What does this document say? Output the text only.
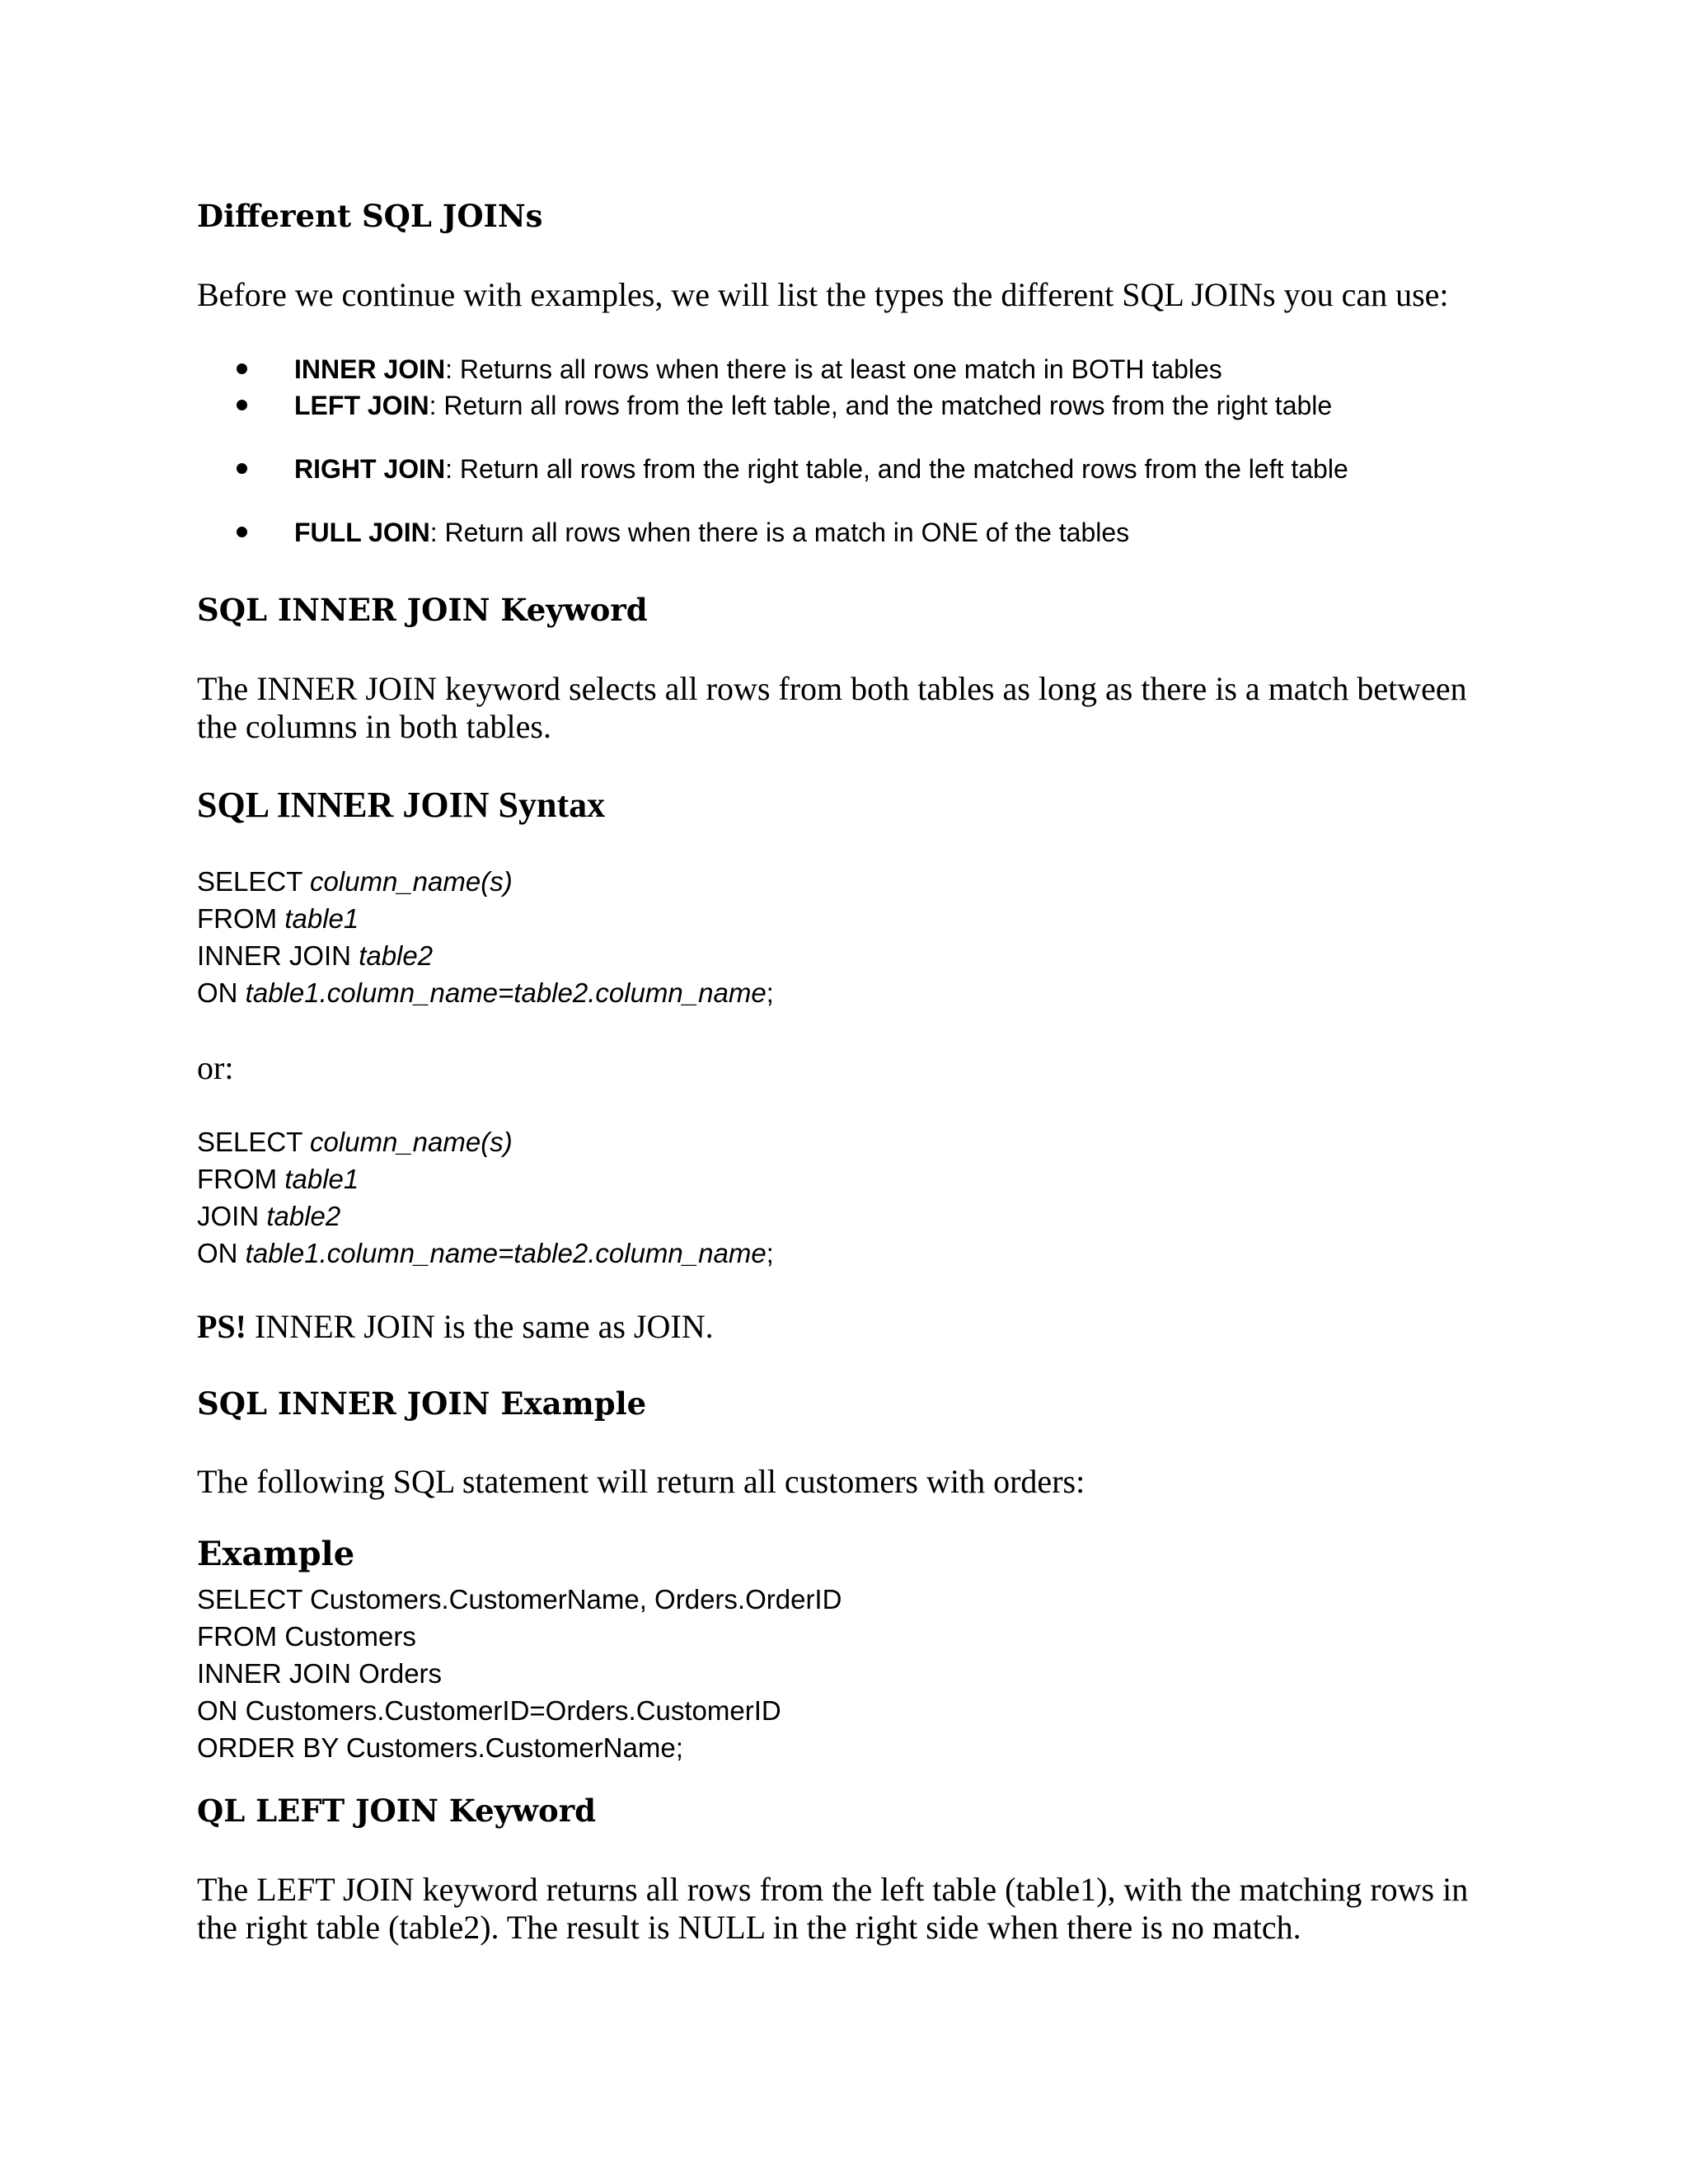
Different SQL JOINs

Before we continue with examples, we will list the types the different SQL JOINs you can use:

INNER JOIN: Returns all rows when there is at least one match in BOTH tables
LEFT JOIN: Return all rows from the left table, and the matched rows from the right table
RIGHT JOIN: Return all rows from the right table, and the matched rows from the left table
FULL JOIN: Return all rows when there is a match in ONE of the tables
SQL INNER JOIN Keyword

The INNER JOIN keyword selects all rows from both tables as long as there is a match between
the columns in both tables.

SQL INNER JOIN Syntax
SELECT column_name(s)
FROM table1
INNER JOIN table2
ON table1.column_name=table2.column_name;

or:

SELECT column_name(s)
FROM table1
JOIN table2
ON table1.column_name=table2.column_name;

PS! INNER JOIN is the same as JOIN.

SQL INNER JOIN Example

The following SQL statement will return all customers with orders:

Example
SELECT Customers.CustomerName, Orders.OrderID
FROM Customers
INNER JOIN Orders
ON Customers.CustomerID=Orders.CustomerID
ORDER BY Customers.CustomerName;
QL LEFT JOIN Keyword

The LEFT JOIN keyword returns all rows from the left table (table1), with the matching rows in
the right table (table2). The result is NULL in the right side when there is no match.
